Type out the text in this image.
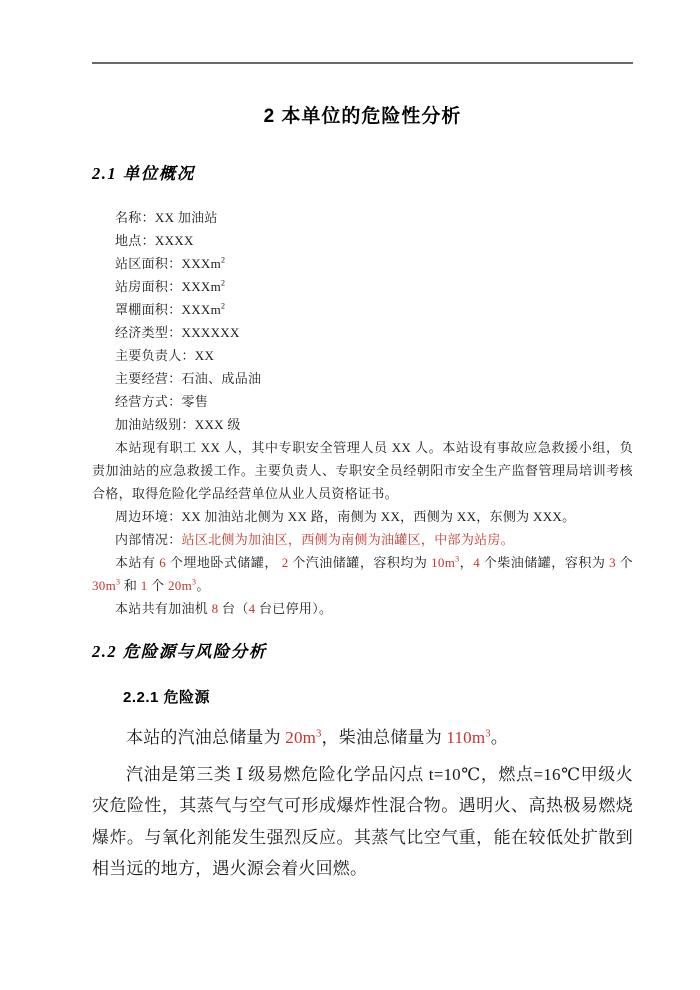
2 本单位的危险性分析
2.1 单位概况
名称：XX 加油站
地点：XXXX
站区面积：XXXm$^2$
站房面积：XXXm$^2$
罩棚面积：XXXm$^2$
经济类型：XXXXXX
主要负责人：XX
主要经营：石油、成品油
经营方式：零售
加油站级别：XXX 级

本站现有职工 XX 人，其中专职安全管理人员 XX 人。本站设有事故应急救援小组，负责加油站的应急救援工作。主要负责人、专职安全员经朝阳市安全生产监督管理局培训考核合格，取得危险化学品经营单位从业人员资格证书。

周边环境：XX 加油站北侧为 XX 路，南侧为 XX，西侧为 XX，东侧为 XXX。

内部情况：站区北侧为加油区，西侧为南侧为油罐区，中部为站房。

本站有 6 个埋地卧式储罐， 2 个汽油储罐，容积均为 $10m^3$，4 个柴油储罐，容积为 3 个 $30m^3$ 和 1 个 $20m^3$。

本站共有加油机 8 台（4 台已停用）。

2.2 危险源与风险分析
2.2.1 危险源

本站的汽油总储量为 $20m^3$，柴油总储量为 $110m^3$。

汽油是第三类 Ⅰ 级易燃危险化学品闪点 t=10℃，燃点=16℃甲级火灾危险性，其蒸气与空气可形成爆炸性混合物。遇明火、高热极易燃烧爆炸。与氧化剂能发生强烈反应。其蒸气比空气重，能在较低处扩散到相当远的地方，遇火源会着火回燃。
